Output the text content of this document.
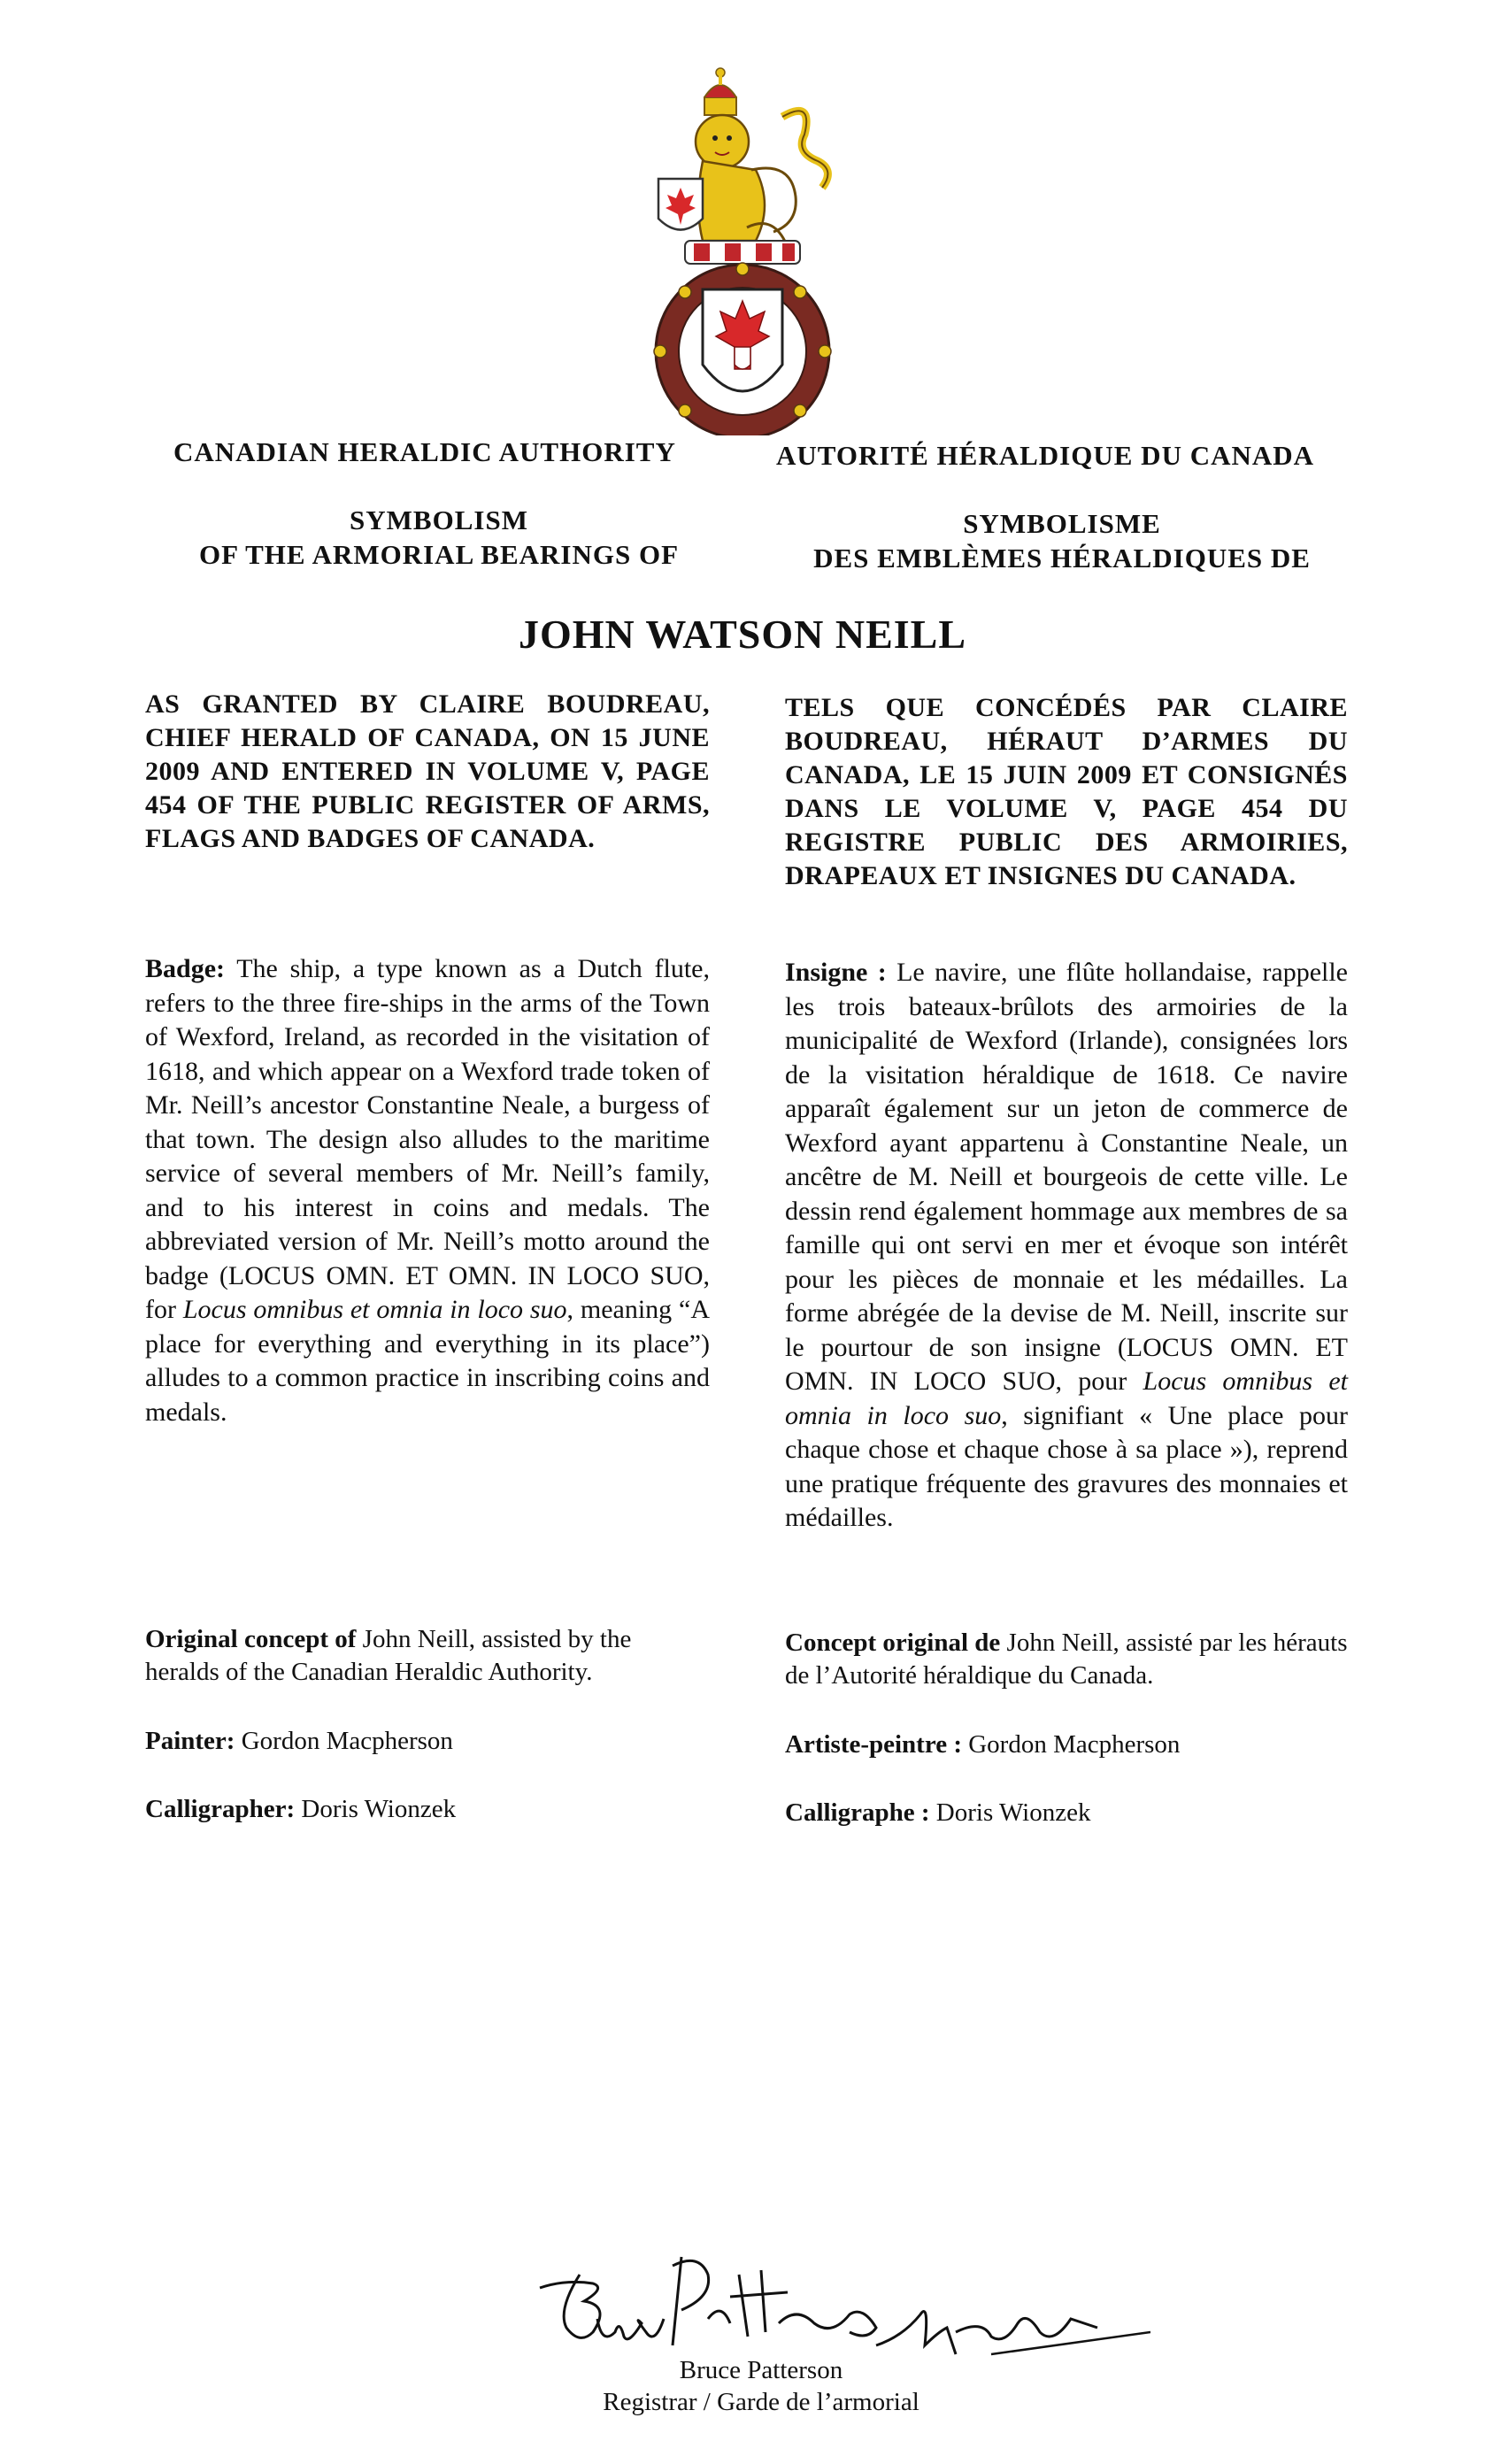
CANADIAN HERALDIC AUTHORITY	AUTORITÉ HÉRALDIQUE DU CANADA
SYMBOLISM
OF THE ARMORIAL BEARINGS OF
SYMBOLISME
DES EMBLÈMES HÉRALDIQUES DE
JOHN WATSON NEILL
AS GRANTED BY CLAIRE BOUDREAU, CHIEF HERALD OF CANADA, ON 15 JUNE 2009 AND ENTERED IN VOLUME V, PAGE 454 OF THE PUBLIC REGISTER OF ARMS, FLAGS AND BADGES OF CANADA.
TELS QUE CONCÉDÉS PAR CLAIRE BOUDREAU, HÉRAUT D’ARMES DU CANADA, LE 15 JUIN 2009 ET CONSIGNÉS DANS LE VOLUME V, PAGE 454 DU REGISTRE PUBLIC DES ARMOIRIES, DRAPEAUX ET INSIGNES DU CANADA.
Badge: The ship, a type known as a Dutch flute, refers to the three fire-ships in the arms of the Town of Wexford, Ireland, as recorded in the visitation of 1618, and which appear on a Wexford trade token of Mr. Neill’s ancestor Constantine Neale, a burgess of that town. The design also alludes to the maritime service of several members of Mr. Neill’s family, and to his interest in coins and medals. The abbreviated version of Mr. Neill’s motto around the badge (LOCUS OMN. ET OMN. IN LOCO SUO, for Locus omnibus et omnia in loco suo, meaning “A place for everything and everything in its place”) alludes to a common practice in inscribing coins and medals.
Insigne : Le navire, une flûte hollandaise, rappelle les trois bateaux-brûlots des armoiries de la municipalité de Wexford (Irlande), consignées lors de la visitation héraldique de 1618. Ce navire apparaît également sur un jeton de commerce de Wexford ayant appartenu à Constantine Neale, un ancêtre de M. Neill et bourgeois de cette ville. Le dessin rend également hommage aux membres de sa famille qui ont servi en mer et évoque son intérêt pour les pièces de monnaie et les médailles. La forme abrégée de la devise de M. Neill, inscrite sur le pourtour de son insigne (LOCUS OMN. ET OMN. IN LOCO SUO, pour Locus omnibus et omnia in loco suo, signifiant « Une place pour chaque chose et chaque chose à sa place »), reprend une pratique fréquente des gravures des monnaies et médailles.
Original concept of John Neill, assisted by the heralds of the Canadian Heraldic Authority.
Painter: Gordon Macpherson
Calligrapher: Doris Wionzek
Concept original de John Neill, assisté par les hérauts de l’Autorité héraldique du Canada.
Artiste-peintre : Gordon Macpherson
Calligraphe : Doris Wionzek
Bruce Patterson
Registrar / Garde de l’armorial
